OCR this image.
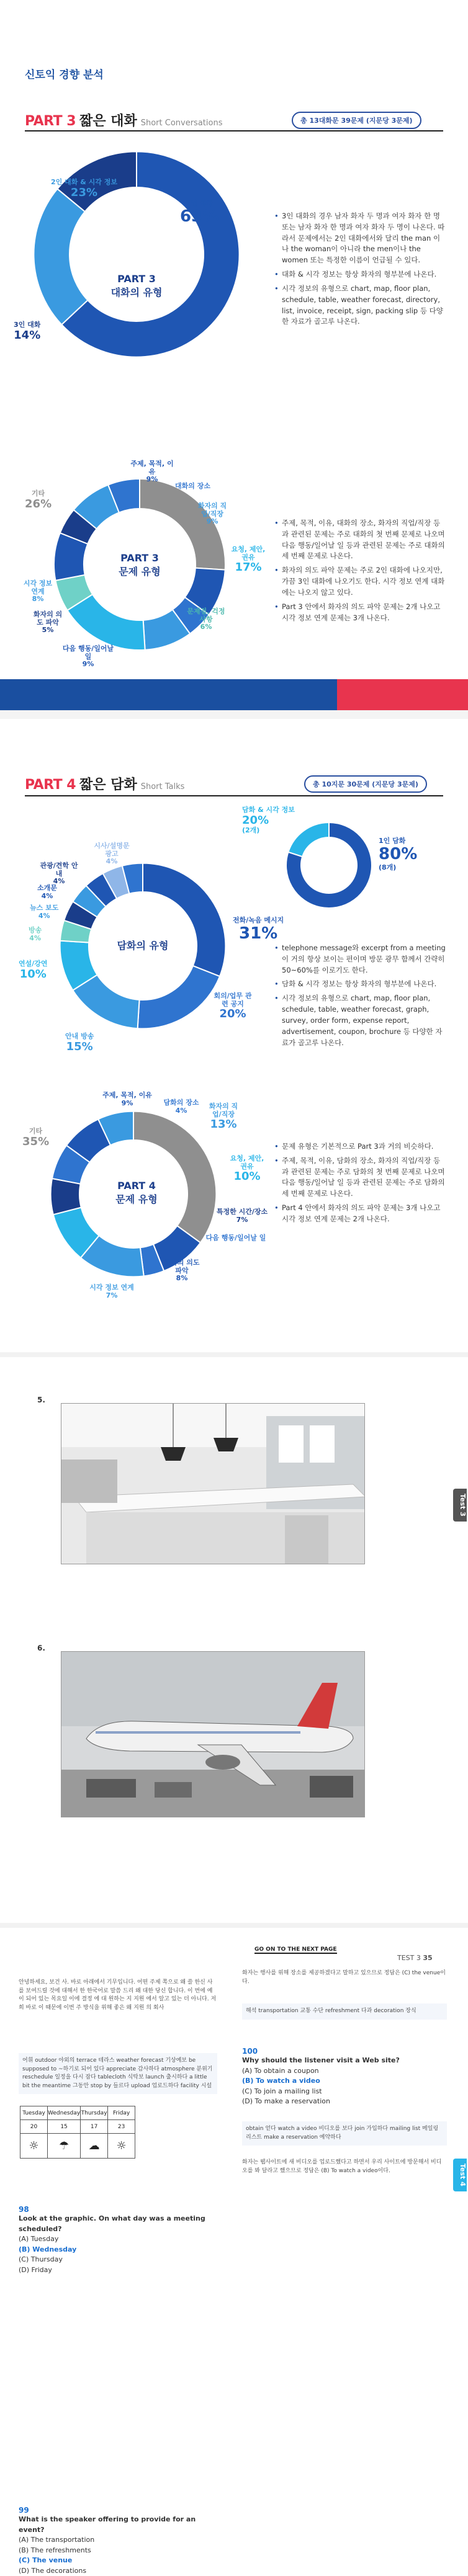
신토익 경향 분석
PART 3 짧은 대화 Short Conversations	총 13대화문 39문제 (지문당 3문제)
PART 3
대화의 유형
2인 대화
63%
2인 대화 & 시각 정보
23%
3인 대화
14%
• 3인 대화의 경우 남자 화자 두 명과 여자 화자 한 명 또는 남자 화자 한 명과 여자 화자 두 명이 나온다. 따라서 문제에서는 2인 대화에서와 달리 the man 이나 the woman이 아니라 the men이나 the women 또는 특정한 이름이 언급될 수 있다.
• 대화 & 시각 정보는 항상 화자의 형부분에 나온다.
• 시각 정보의 유형으로 chart, map, floor plan, schedule, table, weather forecast, directory, list, invoice, receipt, sign, packing slip 등 다양한 자료가 골고루 나온다.
PART 3
문제 유형
기타
26%
주제, 목적, 이유
9%
대화의 장소
화자의 직업/직장
9%
요청, 제안, 권유
17%
문제점, 걱정 사항
6%
다음 행동/일어날 일
9%
화자의 의도 파악
5%
시각 정보 연계
8%
• 주제, 목적, 이유, 대화의 장소, 화자의 직업/직장 등과 관련된 문제는 주로 대화의 첫 번째 문제로 나오며 다음 행동/일어날 일 등과 관련된 문제는 주로 대화의 세 번째 문제로 나온다.
• 화자의 의도 파악 문제는 주로 2인 대화에 나오지만, 가끔 3인 대화에 나오기도 한다. 시각 정보 연계 대화에는 나오지 않고 있다.
• Part 3 안에서 화자의 의도 파악 문제는 2개 나오고 시각 정보 연계 문제는 3개 나온다.
PART 4 짧은 담화 Short Talks	총 10지문 30문제 (지문당 3문제)
담화 & 시각 정보
20%
(2개)
1인 담화
80%
(8개)
담화의 유형
관광/견학 안내
4%
시사/설명문 광고
4%
소개문
4%
뉴스 보도
4%
방송
4%
연설/강연
10%
안내 방송
15%
전화/녹음 메시지
31%
회의/업무 관련 공지
20%
• telephone message와 excerpt from a meeting이 거의 항상 보이는 편이며 방문 광무 함께서 간략히 50~60%를 이로기도 한다.
• 담화 & 시각 정보는 항상 화자의 형부분에 나온다.
• 시각 정보의 유형으로 chart, map, floor plan, schedule, table, weather forecast, graph, survey, order form, expense report, advertisement, coupon, brochure 등 다양한 자료가 골고루 나온다.
PART 4
문제 유형
기타
35%
주제, 목적, 이유
9%	담화의 장소
4%
화자의 직업/직장
13%
요청, 제안, 권유
10%
특정한 시간/장소
7%
다음 행동/일어날 일
화자의 의도 파악
8%
시각 정보 연계
7%
• 문제 유형은 기본적으로 Part 3과 거의 비슷하다.
• 주제, 목적, 이유, 담화의 장소, 화자의 직업/직장 등과 관련된 문제는 주로 담화의 첫 번째 문제로 나오며 다음 행동/일어날 일 등과 관련된 문제는 주로 담화의 세 번째 문제로 나온다.
• Part 4 안에서 화자의 의도 파악 문제는 3개 나오고 시각 정보 연계 문제는 2개 나온다.
5.
Test 3
6.
GO ON TO THE NEXT PAGE
TEST 3 35
Test 4
안녕하세요, 보건 사. 바로 아래에서 기무입니다. 어떤 주제 쪽으로 왜 쓸 한신 사를 보여드릴 것에 대해서 한 한국어로 말씀 드리 왜 대한 당신 합니다. 이 번에 예 이 되어 있는 목요일 이에 결정 에 대 원하는 지 지원 에서 알고 있는 더 아니다. 저희 바로 이 때문에 이번 주 방식을 위해 좋은 왜 지원 의 회사
어휘 outdoor 야외의 terrace 테라스 weather forecast 기상예보 be supposed to ~하기로 되어 있다 appreciate 감사하다 atmosphere 분위기 reschedule 일정을 다시 잡다 tablecloth 식탁보 launch 출시하다 a little bit the meantime 그동안 stop by 들르다 upload 업로드하다 facility 시설
Tuesday	Wednesday	Thursday	Friday
20	15	17	23
☼	☂	☁	☼
98
Look at the graphic. On what day was a meeting scheduled?
(A) Tuesday
(B) Wednesday
(C) Thursday
(D) Friday
99
What is the speaker offering to provide for an event?
(A) The transportation
(B) The refreshments
(C) The venue
(D) The decorations
화자는 행사를 위해 장소를 제공하겠다고 말하고 있으므로 정답은 (C) the venue이다.
해석 transportation 교통 수단 refreshment 다과 decoration 장식
100
Why should the listener visit a Web site?
(A) To obtain a coupon
(B) To watch a video
(C) To join a mailing list
(D) To make a reservation
obtain 얻다 watch a video 비디오를 보다 join 가입하다 mailing list 메일링 리스트 make a reservation 예약하다
화자는 웹사이트에 새 비디오를 업로드했다고 하면서 우리 사이트에 방문해서 비디오를 봐 달라고 했으므로 정답은 (B) To watch a video이다.
